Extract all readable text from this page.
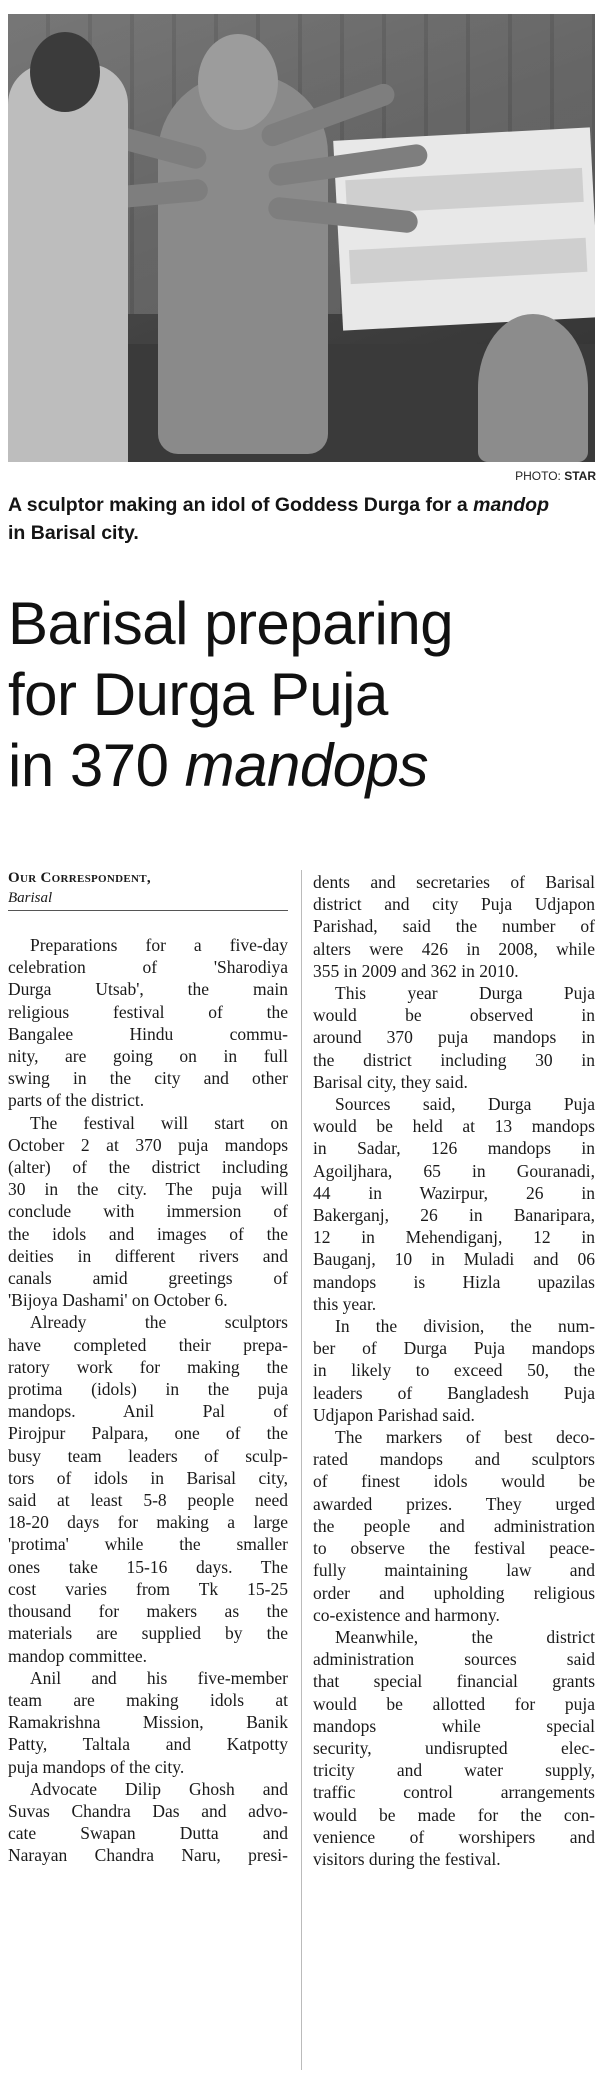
PHOTO: STAR
A sculptor making an idol of Goddess Durga for a mandop
in Barisal city.
Barisal preparing
for Durga Puja
in 370 mandops
Our Correspondent,
Barisal
Preparations for a five-day
celebration of 'Sharodiya
Durga Utsab', the main
religious festival of the
Bangalee Hindu commu-
nity, are going on in full
swing in the city and other
parts of the district.
The festival will start on
October 2 at 370 puja mandops
(alter) of the district including
30 in the city. The puja will
conclude with immersion of
the idols and images of the
deities in different rivers and
canals amid greetings of
'Bijoya Dashami' on October 6.
Already the sculptors
have completed their prepa-
ratory work for making the
protima (idols) in the puja
mandops. Anil Pal of
Pirojpur Palpara, one of the
busy team leaders of sculp-
tors of idols in Barisal city,
said at least 5-8 people need
18-20 days for making a large
'protima' while the smaller
ones take 15-16 days. The
cost varies from Tk 15-25
thousand for makers as the
materials are supplied by the
mandop committee.
Anil and his five-member
team are making idols at
Ramakrishna Mission, Banik
Patty, Taltala and Katpotty
puja mandops of the city.
Advocate Dilip Ghosh and
Suvas Chandra Das and advo-
cate Swapan Dutta and
Narayan Chandra Naru, presi-
dents and secretaries of Barisal
district and city Puja Udjapon
Parishad, said the number of
alters were 426 in 2008, while
355 in 2009 and 362 in 2010.
This year Durga Puja
would be observed in
around 370 puja mandops in
the district including 30 in
Barisal city, they said.
Sources said, Durga Puja
would be held at 13 mandops
in Sadar, 126 mandops in
Agoiljhara, 65 in Gouranadi,
44 in Wazirpur, 26 in
Bakerganj, 26 in Banaripara,
12 in Mehendiganj, 12 in
Bauganj, 10 in Muladi and 06
mandops is Hizla upazilas
this year.
In the division, the num-
ber of Durga Puja mandops
in likely to exceed 50, the
leaders of Bangladesh Puja
Udjapon Parishad said.
The markers of best deco-
rated mandops and sculptors
of finest idols would be
awarded prizes. They urged
the people and administration
to observe the festival peace-
fully maintaining law and
order and upholding religious
co-existence and harmony.
Meanwhile, the district
administration sources said
that special financial grants
would be allotted for puja
mandops while special
security, undisrupted elec-
tricity and water supply,
traffic control arrangements
would be made for the con-
venience of worshipers and
visitors during the festival.
